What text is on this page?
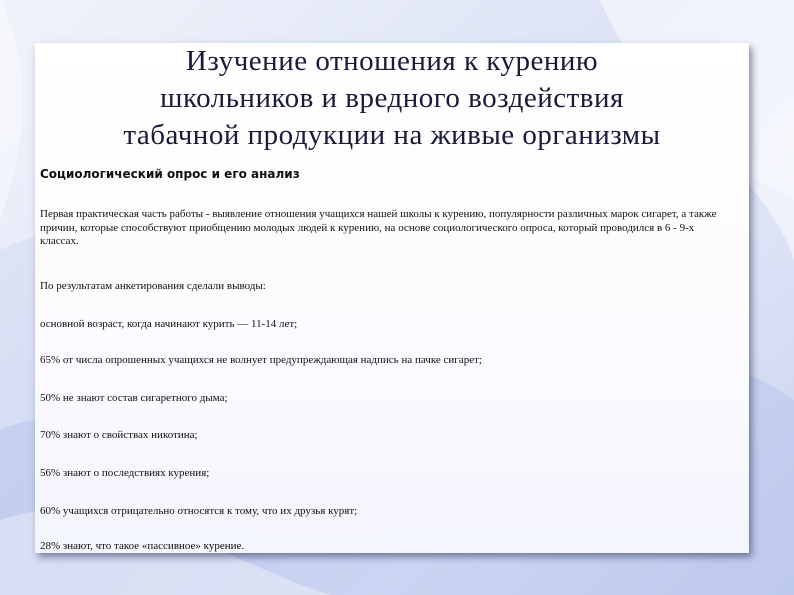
Изучение отношения к курению
школьников и вредного воздействия
табачной продукции на живые организмы

Социологический опрос и его анализ

Первая практическая часть работы - выявление отношения учащихся нашей школы к курению, популярности различных марок сигарет, а также причин, которые способствуют приобщению молодых людей к курению, на основе социологического опроса, который проводился в 6 - 9-х классах.

По результатам анкетирования сделали выводы:

основной возраст, когда начинают курить — 11-14 лет;

65% от числа опрошенных учащихся не волнует предупреждающая надпись на пачке сигарет;

50% не знают состав сигаретного дыма;

70% знают о свойствах никотина;

56% знают о последствиях курения;

60% учащихся отрицательно относятся к тому, что их друзья курят;

28% знают, что такое «пассивное» курение.
